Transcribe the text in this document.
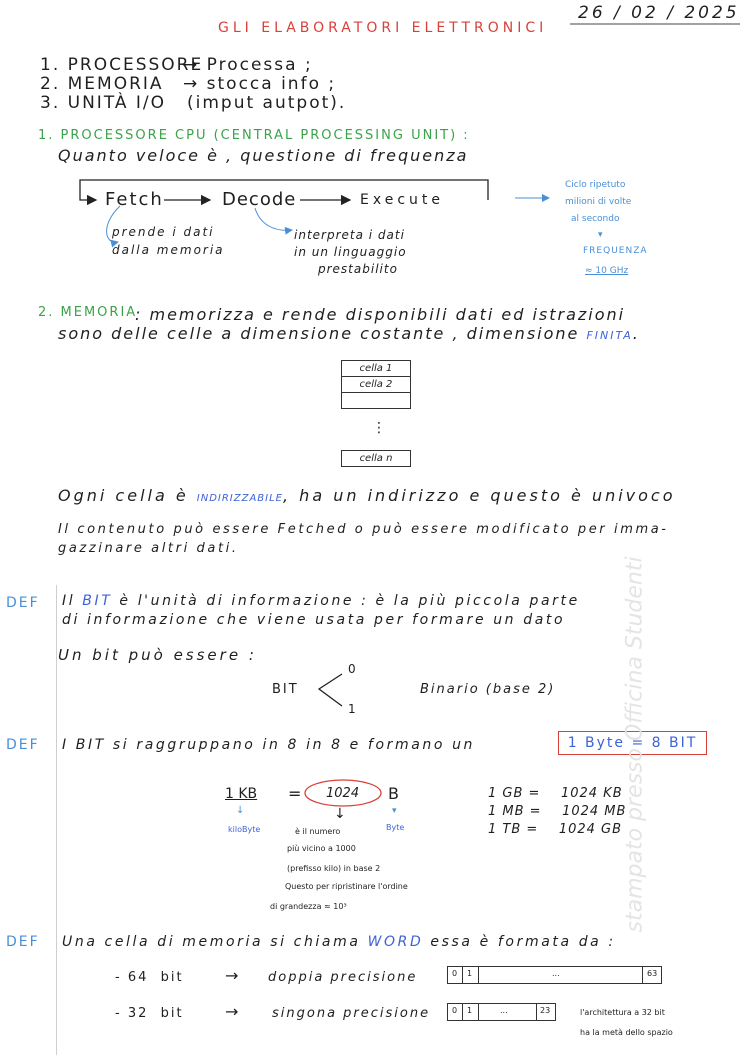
26 / 02 / 2025
GLI ELABORATORI ELETTRONICI
1. PROCESSORE
→ Processa ;
2. MEMORIA → stocca info ;
3. UNITÀ I/O (imput autpot).
1. PROCESSORE CPU (CENTRAL PROCESSING UNIT) :
Quanto veloce è , questione di frequenza
Fetch	Decode	Execute
prende i dati
dalla memoria
interpreta i dati
in un linguaggio
prestabilito
Ciclo ripetuto
milioni di volte
al secondo
▾
FREQUENZA
≈ 10 GHz
2. MEMORIA
: memorizza e rende disponibili dati ed istrazioni
sono delle celle a dimensione costante , dimensione FINITA.
cella 1
cella 2
⋮
cella n
Ogni cella è INDIRIZZABILE, ha un indirizzo e questo è univoco
Il contenuto può essere Fetched o può essere modificato per imma-
gazzinare altri dati.
DEF Il BIT è l'unità di informazione : è la più piccola parte
di informazione che viene usata per formare un dato
Un bit può essere :
BIT
0
1
Binario (base 2)
DEF I BIT si raggruppano in 8 in 8 e formano un	1 Byte = 8 BIT
1 KB = 1024 B
↓	↓	▾
kiloByte	Byte
è il numero
più vicino a 1000
(prefisso kilo) in base 2
Questo per ripristinare l'ordine
di grandezza ≈ 10³
1 GB =    1024 KB
1 MB =    1024 MB
1 TB =    1024 GB
DEF Una cella di memoria si chiama WORD essa è formata da :
- 64  bit	→ doppia precisione
- 32  bit	→	singona precisione
0 1	...	63
0 1	...	23	l'architettura a 32 bit
ha la metà dello spazio
stampato presso Officina Studenti
